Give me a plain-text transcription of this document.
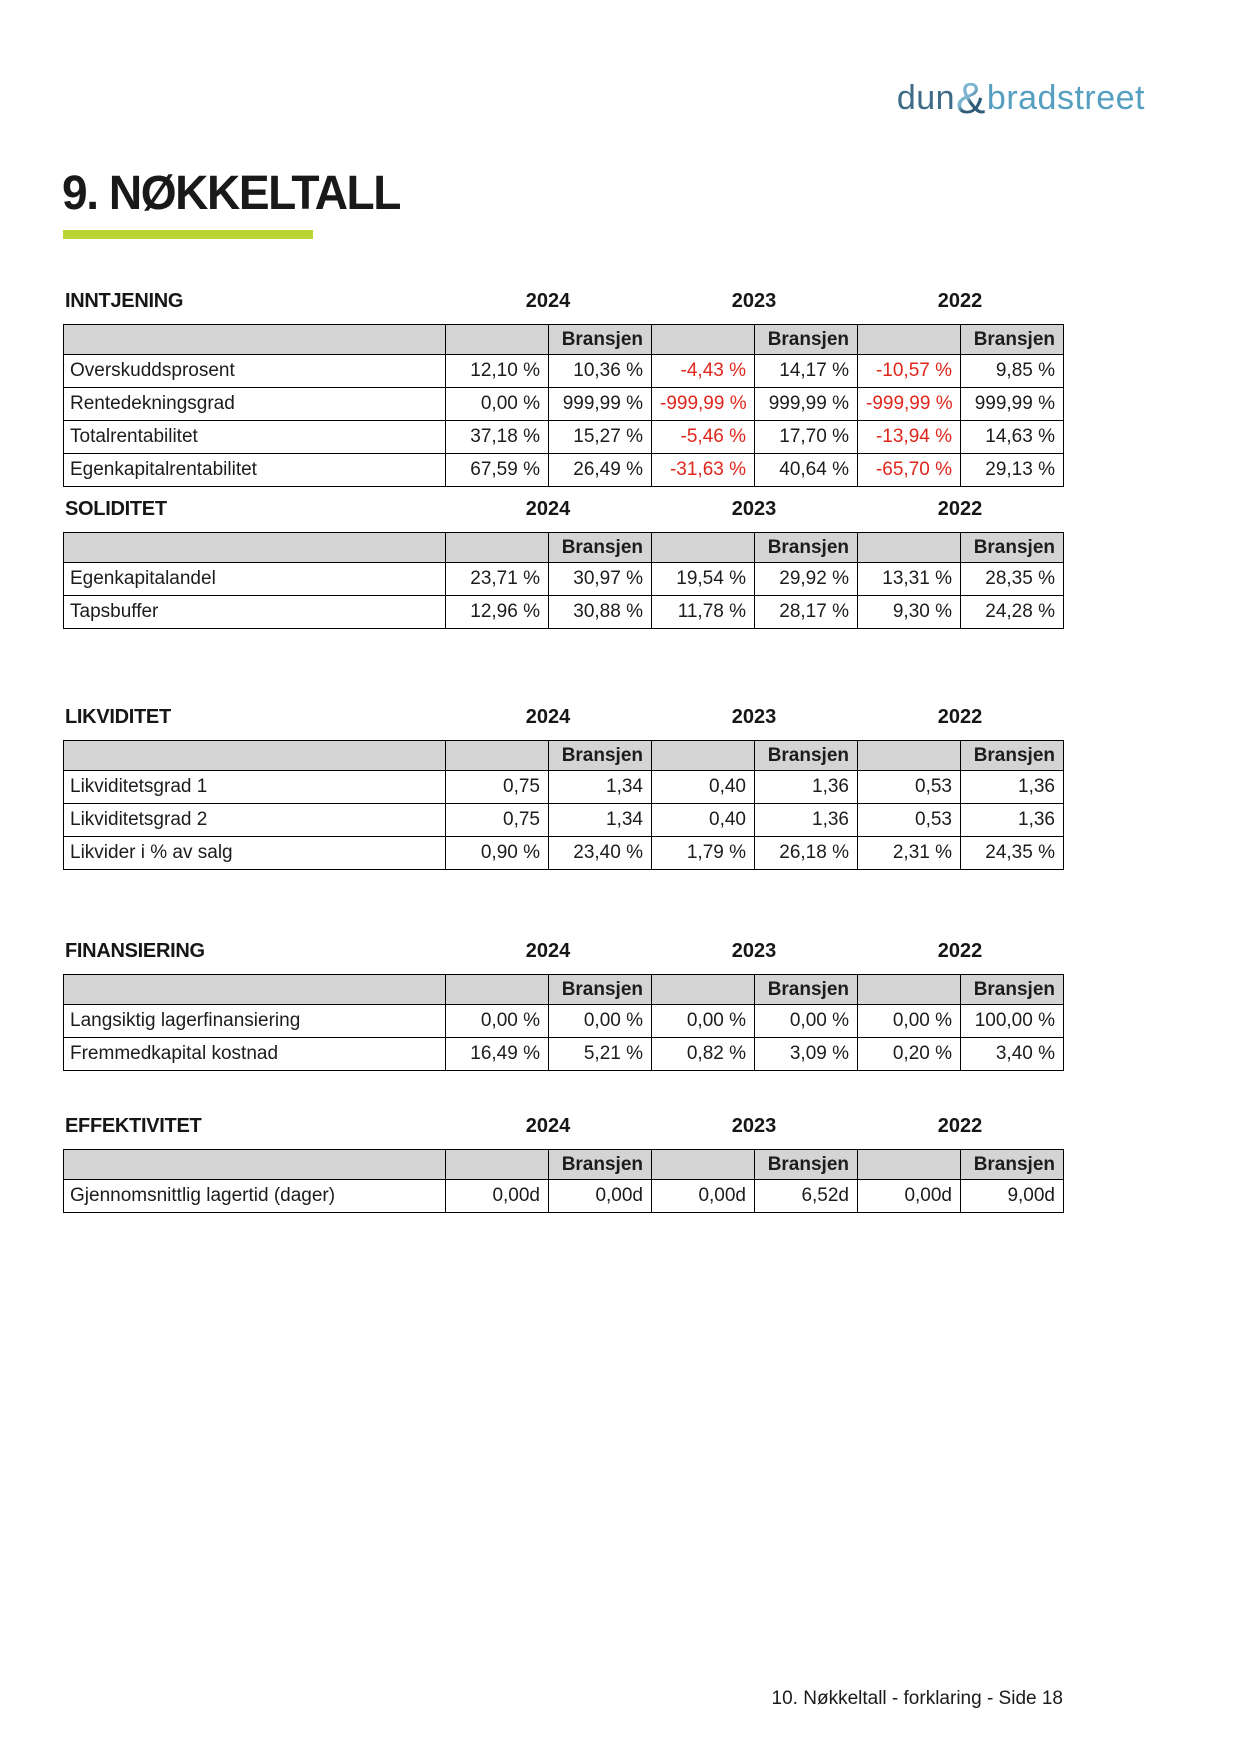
dun&bradstreet
9. NØKKELTALL
INNTJENING	2024	2023	2022
		Bransjen		Bransjen		Bransjen
Overskuddsprosent	12,10 %	10,36 %	-4,43 %	14,17 %	-10,57 %	9,85 %
Rentedekningsgrad	0,00 %	999,99 %	-999,99 %	999,99 %	-999,99 %	999,99 %
Totalrentabilitet	37,18 %	15,27 %	-5,46 %	17,70 %	-13,94 %	14,63 %
Egenkapitalrentabilitet	67,59 %	26,49 %	-31,63 %	40,64 %	-65,70 %	29,13 %
SOLIDITET	2024	2023	2022
		Bransjen		Bransjen		Bransjen
Egenkapitalandel	23,71 %	30,97 %	19,54 %	29,92 %	13,31 %	28,35 %
Tapsbuffer	12,96 %	30,88 %	11,78 %	28,17 %	9,30 %	24,28 %
LIKVIDITET	2024	2023	2022
		Bransjen		Bransjen		Bransjen
Likviditetsgrad 1	0,75	1,34	0,40	1,36	0,53	1,36
Likviditetsgrad 2	0,75	1,34	0,40	1,36	0,53	1,36
Likvider i % av salg	0,90 %	23,40 %	1,79 %	26,18 %	2,31 %	24,35 %
FINANSIERING	2024	2023	2022
		Bransjen		Bransjen		Bransjen
Langsiktig lagerfinansiering	0,00 %	0,00 %	0,00 %	0,00 %	0,00 %	100,00 %
Fremmedkapital kostnad	16,49 %	5,21 %	0,82 %	3,09 %	0,20 %	3,40 %
EFFEKTIVITET	2024	2023	2022
		Bransjen		Bransjen		Bransjen
Gjennomsnittlig lagertid (dager)	0,00d	0,00d	0,00d	6,52d	0,00d	9,00d
10. Nøkkeltall - forklaring - Side 18
